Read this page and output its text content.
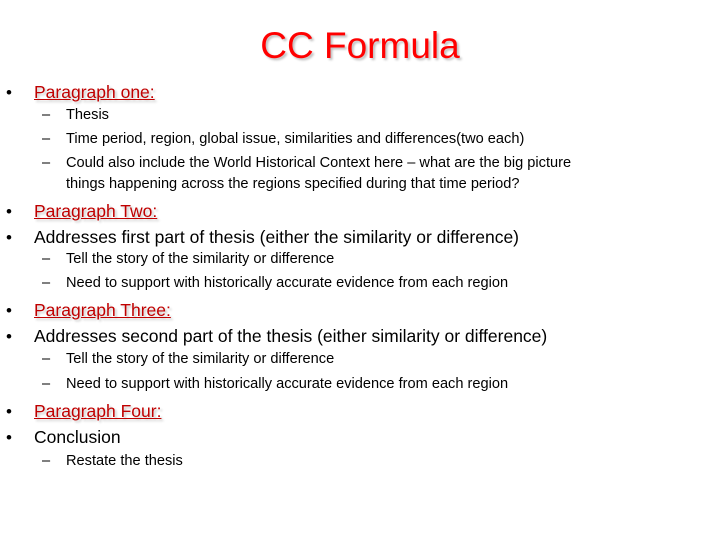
CC Formula
• Paragraph one:
– Thesis
– Time period, region, global issue, similarities and differences(two each)
– Could also include the World Historical Context here – what are the big picture
things happening across the regions specified during that time period?
• Paragraph Two:
• Addresses first part of thesis (either the similarity or difference)
– Tell the story of the similarity or difference
– Need to support with historically accurate evidence from each region
• Paragraph Three:
• Addresses second part of the thesis (either similarity or difference)
– Tell the story of the similarity or difference
– Need to support with historically accurate evidence from each region
• Paragraph Four:
• Conclusion
– Restate the thesis
